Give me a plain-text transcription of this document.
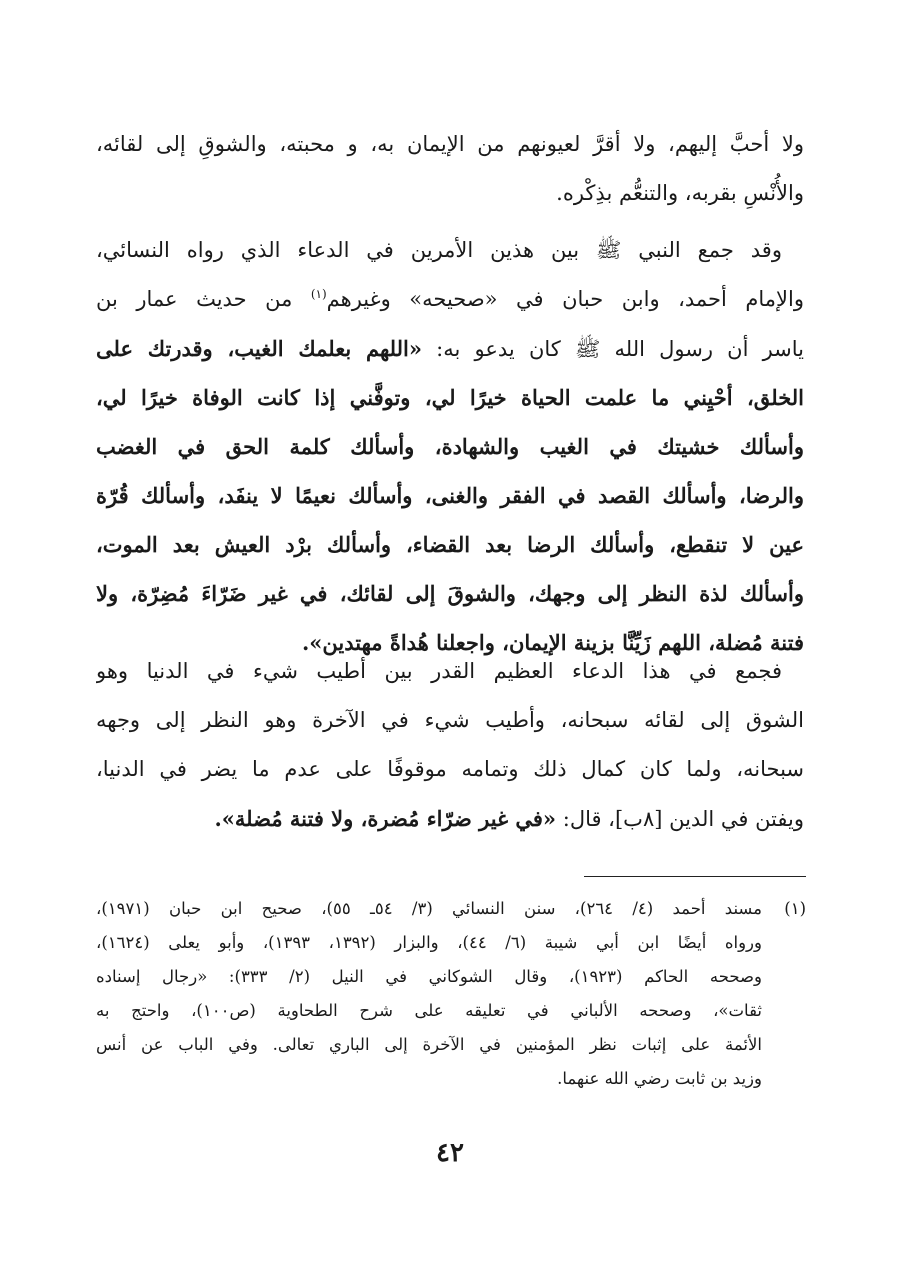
ولا أحبَّ إليهم، ولا أقرَّ لعيونهم من الإيمان به، و محبته، والشوقِ إلى لقائه،
والأُنْسِ بقربه، والتنعُّم بذِكْره.
وقد جمع النبي ﷺ بين هذين الأمرين في الدعاء الذي رواه النسائي،
والإمام أحمد، وابن حبان في «صحيحه» وغيرهم$^{(١)}$ من حديث عمار بن
ياسر أن رسول الله ﷺ كان يدعو به: «اللهم بعلمك الغيب، وقدرتك على
الخلق، أحْيِني ما علمت الحياة خيرًا لي، وتوفَّني إذا كانت الوفاة خيرًا لي،
وأسألك خشيتك في الغيب والشهادة، وأسألك كلمة الحق في الغضب
والرضا، وأسألك القصد في الفقر والغنى، وأسألك نعيمًا لا ينفَد، وأسألك قُرّة
عين لا تنقطع، وأسألك الرضا بعد القضاء، وأسألك برْد العيش بعد الموت،
وأسألك لذة النظر إلى وجهك، والشوقَ إلى لقائك، في غير ضَرّاءَ مُضِرّة، ولا
فتنة مُضلة، اللهم زَيِّنَّا بزينة الإيمان، واجعلنا هُداةً مهتدين».
فجمع في هذا الدعاء العظيم القدر بين أطيب شيء في الدنيا وهو
الشوق إلى لقائه سبحانه، وأطيب شيء في الآخرة وهو النظر إلى وجهه
سبحانه، ولما كان كمال ذلك وتمامه موقوفًا على عدم ما يضر في الدنيا،
ويفتن في الدين [٨ب]، قال: «في غير ضرّاء مُضرة، ولا فتنة مُضلة».
(١)مسند أحمد (٤/ ٢٦٤)، سنن النسائي (٣/ ٥٤ـ ٥٥)، صحيح ابن حبان (١٩٧١)،
ورواه أيضًا ابن أبي شيبة (٦/ ٤٤)، والبزار (١٣٩٢، ١٣٩٣)، وأبو يعلى (١٦٢٤)،
وصححه الحاكم (١٩٢٣)، وقال الشوكاني في النيل (٢/ ٣٣٣): «رجال إسناده
ثقات»، وصححه الألباني في تعليقه على شرح الطحاوية (ص١٠٠)، واحتج به
الأئمة على إثبات نظر المؤمنين في الآخرة إلى الباري تعالى. وفي الباب عن أنس
وزيد بن ثابت رضي الله عنهما.
٤٢
